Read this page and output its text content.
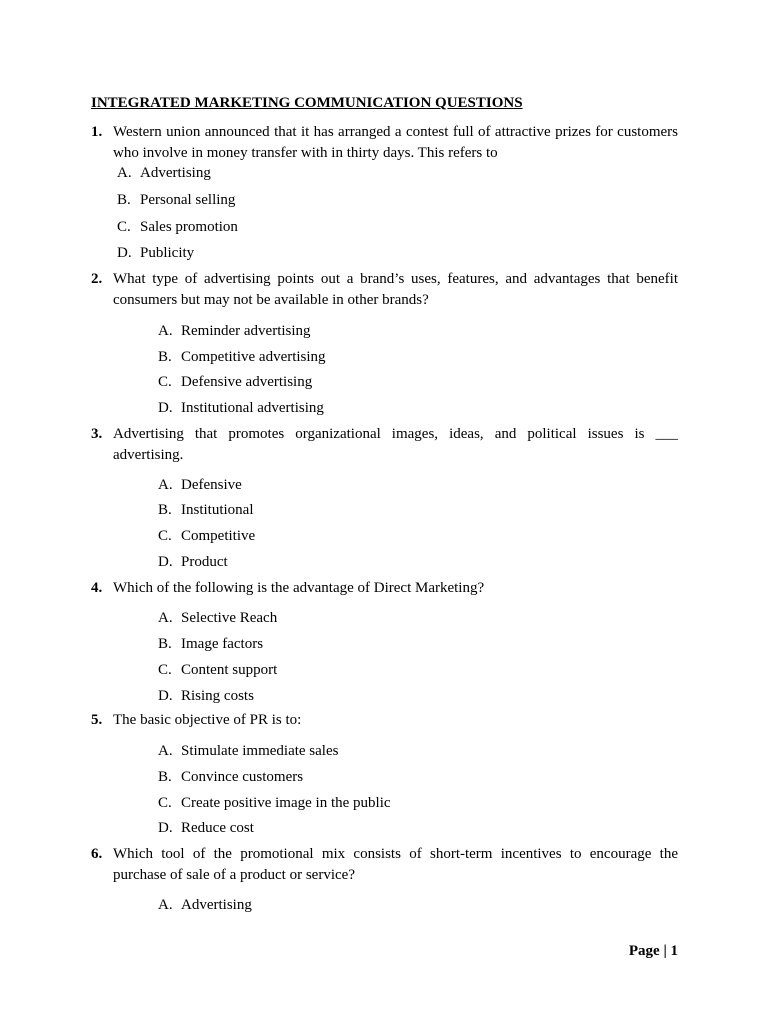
INTEGRATED MARKETING COMMUNICATION QUESTIONS
1. Western union announced that it has arranged a contest full of attractive prizes for customers who involve in money transfer with in thirty days. This refers to
A. Advertising
B. Personal selling
C. Sales promotion
D. Publicity
2. What type of advertising points out a brand’s uses, features, and advantages that benefit consumers but may not be available in other brands?
A. Reminder advertising
B. Competitive advertising
C. Defensive advertising
D. Institutional advertising
3. Advertising that promotes organizational images, ideas, and political issues is ___ advertising.
A. Defensive
B. Institutional
C. Competitive
D. Product
4. Which of the following is the advantage of Direct Marketing?
A. Selective Reach
B. Image factors
C. Content support
D. Rising costs
5. The basic objective of PR is to:
A. Stimulate immediate sales
B. Convince customers
C. Create positive image in the public
D. Reduce cost
6. Which tool of the promotional mix consists of short-term incentives to encourage the purchase of sale of a product or service?
A. Advertising
Page | 1
